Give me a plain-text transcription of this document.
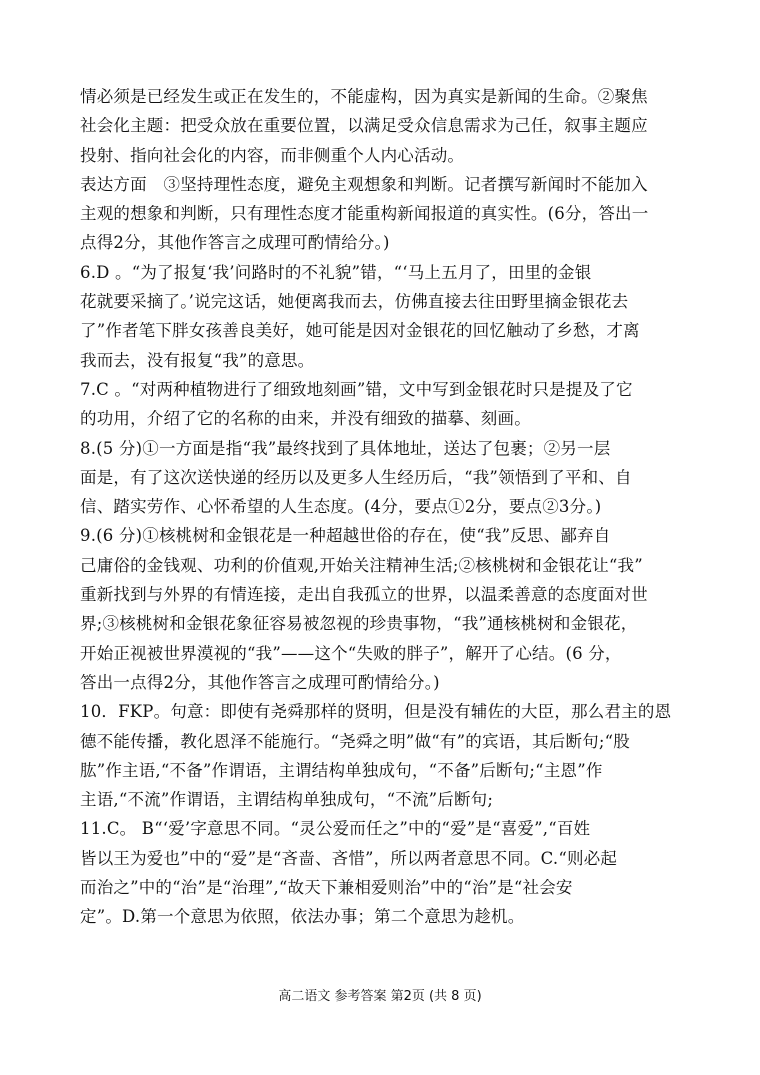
情必须是已经发生或正在发生的，不能虚构，因为真实是新闻的生命。②聚焦
社会化主题：把受众放在重要位置，以满足受众信息需求为己任，叙事主题应
投射、指向社会化的内容，而非侧重个人内心活动。
表达方面　③坚持理性态度，避免主观想象和判断。记者撰写新闻时不能加入
主观的想象和判断，只有理性态度才能重构新闻报道的真实性。(6分，答出一
点得2分，其他作答言之成理可酌情给分。)
6.D 。“为了报复‘我’问路时的不礼貌”错，“‘马上五月了，田里的金银
花就要采摘了。’说完这话，她便离我而去，仿佛直接去往田野里摘金银花去
了”作者笔下胖女孩善良美好，她可能是因对金银花的回忆触动了乡愁，才离
我而去，没有报复“我”的意思。
7.C 。“对两种植物进行了细致地刻画”错，文中写到金银花时只是提及了它
的功用，介绍了它的名称的由来，并没有细致的描摹、刻画。
8.(5 分)①一方面是指“我”最终找到了具体地址，送达了包裹；②另一层
面是，有了这次送快递的经历以及更多人生经历后，“我”领悟到了平和、自
信、踏实劳作、心怀希望的人生态度。(4分，要点①2分，要点②3分。)
9.(6 分)①核桃树和金银花是一种超越世俗的存在，使“我”反思、鄙弃自
己庸俗的金钱观、功利的价值观,开始关注精神生活;②核桃树和金银花让“我”
重新找到与外界的有情连接，走出自我孤立的世界，以温柔善意的态度面对世
界;③核桃树和金银花象征容易被忽视的珍贵事物，“我”通核桃树和金银花，
开始正视被世界漠视的“我”——这个“失败的胖子”，解开了心结。(6 分，
答出一点得2分，其他作答言之成理可酌情给分。)
10．FKP。句意：即使有尧舜那样的贤明，但是没有辅佐的大臣，那么君主的恩
德不能传播，教化恩泽不能施行。“尧舜之明”做“有”的宾语，其后断句;“股
肱”作主语,“不备”作谓语，主谓结构单独成句，“不备”后断句;“主恩”作
主语,“不流”作谓语，主谓结构单独成句，“不流”后断句;
11.C。 B“‘爱’字意思不同。“灵公爱而任之”中的“爱”是“喜爱”,“百姓
皆以王为爱也”中的“爱”是“吝啬、吝惜”，所以两者意思不同。C.“则必起
而治之”中的“治”是“治理”,“故天下兼相爱则治”中的“治”是“社会安
定”。D.第一个意思为依照，依法办事；第二个意思为趁机。
高二语文 参考答案 第2页 (共 8 页)
